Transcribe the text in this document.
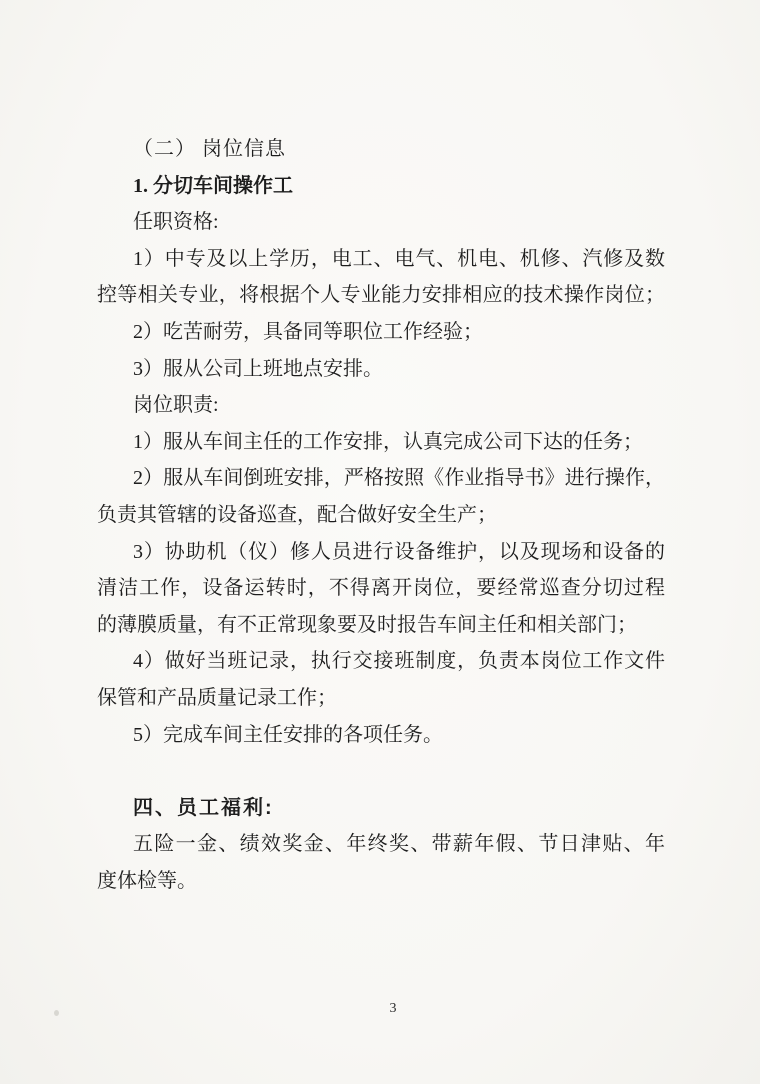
（二） 岗位信息
1. 分切车间操作工
任职资格:
1）中专及以上学历，电工、电气、机电、机修、汽修及数
控等相关专业，将根据个人专业能力安排相应的技术操作岗位；
2）吃苦耐劳，具备同等职位工作经验；
3）服从公司上班地点安排。
岗位职责:
1）服从车间主任的工作安排，认真完成公司下达的任务；
2）服从车间倒班安排，严格按照《作业指导书》进行操作，
负责其管辖的设备巡查，配合做好安全生产；
3）协助机（仪）修人员进行设备维护，以及现场和设备的
清洁工作，设备运转时，不得离开岗位，要经常巡查分切过程
的薄膜质量，有不正常现象要及时报告车间主任和相关部门；
4）做好当班记录，执行交接班制度，负责本岗位工作文件
保管和产品质量记录工作；
5）完成车间主任安排的各项任务。
四、员工福利:
五险一金、绩效奖金、年终奖、带薪年假、节日津贴、年
度体检等。
3
